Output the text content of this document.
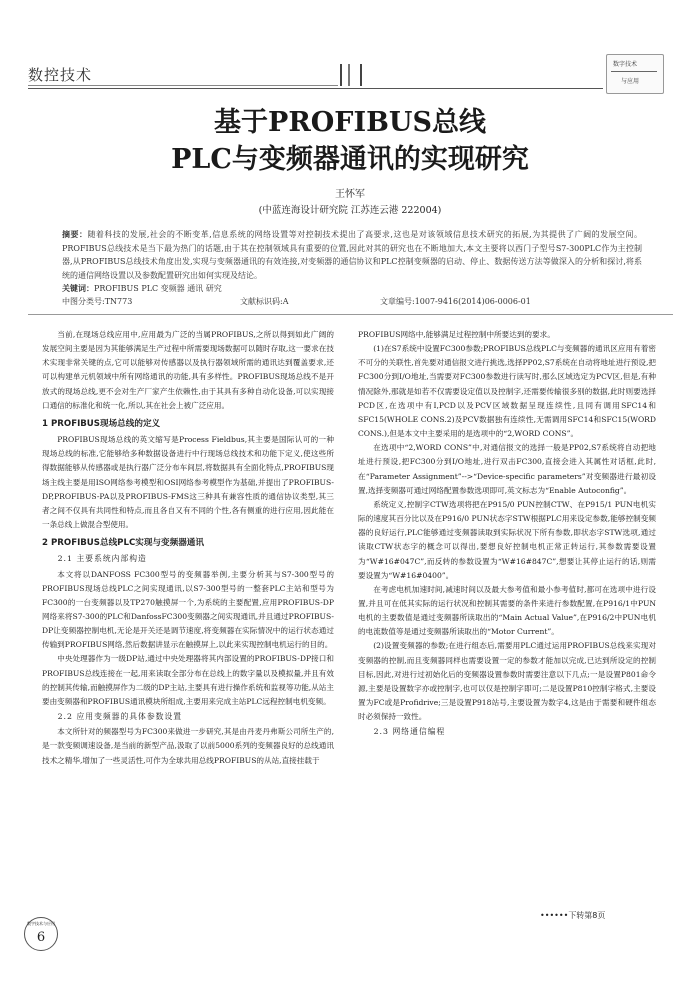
数控技术
数字技术
与应用
基于PROFIBUS总线
PLC与变频器通讯的实现研究
王怀军
(中蓝连海设计研究院 江苏连云港 222004)
摘要：随着科技的发展,社会的不断变革,信息系统的网络设置等对控制技术提出了高要求,这也是对该领域信息技术研究的拓展,为其提供了广阔的发展空间。PROFIBUS总线技术是当下最为热门的话题,由于其在控制领域具有重要的位置,因此对其的研究也在不断地加大,本文主要将以西门子型号S7-300PLC作为主控制器,从PROFIBUS总线技术角度出发,实现与变频器通讯的有效连接,对变频器的通信协议和PLC控制变频器的启动、停止、数据传送方法等做深入的分析和探讨,将系统的通信网络设置以及参数配置研究出如何实现及结论。
关键词：PROFIBUS PLC 变频器 通讯 研究
中图分类号:TN773	文献标识码:A	文章编号:1007-9416(2014)06-0006-01

当前,在现场总线应用中,应用最为广泛的当属PROFIBUS,之所以得到如此广阔的发展空间主要是因为其能够满足生产过程中所需要现场数据可以随时存取,这一要求在技术实现非常关键的点,它可以能够对传感器以及执行器领域所需的通讯达到覆盖要求,还可以构建单元机领域中所有网络通讯的功能,具有多样性。PROFIBUS现场总线不是开放式的现场总线,更不会对生产厂家产生依赖性,由于其具有多种自动化设备,可以实现接口通信的标准化和统一化,所以,其在社会上被广泛应用。

1 PROFIBUS现场总线的定义

PROFIBUS现场总线的英文缩写是Process Fieldbus,其主要是国际认可的一种现场总线的标准,它能够给多种数据设备进行中行现场总线技术和功能下定义,使这些所得数据能够从传感器或是执行器广泛分布车间层,将数据具有全面化特点,PROFIBUS现场主线主要是用ISO网络参考模型和OSI网络参考模型作为基础,并提出了PROFIBUS-DP,PROFIBUS-PA以及PROFIBUS-FMS这三种具有兼容性质的通信协议类型,其三者之间不仅具有共同性和特点,而且各自又有不同的个性,各有侧重的进行应用,因此能在一条总线上做混合型使用。

2 PROFIBUS总线PLC实现与变频器通讯
2.1 主要系统内部构造

本文将以DANFOSS FC300型号的变频器举例,主要分析其与S7-300型号的PROFIBUS现场总线PLC之间实现通讯,以S7-300型号的一整套PLC主站和型号为FC300的一台变频器以及TP270触摸屏一个,为系统的主要配置,应用PROFIBUS-DP网络来将S7-300的PLC和DanfossFC300变频器之间实现通讯,并且通过PROFIBUS-DP让变频器控制电机,无论是开关还是调节速度,将变频器在实际情况中的运行状态通过传输到PROFIBUS网络,然后数据讲显示在触摸屏上,以此来实现控制电机运行的目的。

中央处理器作为一级DP站,通过中央处理器将其内部设置的PROFIBUS-DP接口和PROFIBUS总线连接在一起,用来读取全部分布在总线上的数字量以及模拟量,并且有效的控制其传输,而触摸屏作为二级的DP主站,主要具有进行操作系统和监视等功能,从站主要由变频器和PROFIBUS通讯模块所组成,主要用来完成主站PLC远程控制电机变频。

2.2 应用变频器的具体参数设置

本文所针对的频器型号为FC300来做进一步研究,其是由丹麦丹弗斯公司所生产的,是一款变频调速设备,是当前的新型产品,汲取了以前5000系列的变频器良好的总线通讯技术之精华,增加了一些灵活性,可作为全球共用总线PROFIBUS的从站,直接挂载于

PROFIBUS网络中,能够满足过程控制中所要达到的要求。

(1)在S7系统中设置FC300参数;PROFIBUS总线PLC与变频器的通讯区应用有着密不可分的关联性,首先要对通信报文进行挑选,选择PP02,S7系统在自动将地址进行预设,把FC300分到I/O地址,当需要对FC300参数进行读写时,那么区域选定为PCV区,但是,有种情况除外,那就是如若不仅需要设定值以及控制字,还需要传输很多别的数据,此时则要选择PCD区,在选项中有I,PCD以及PCV区域数据呈现连续性,且同有调用SFC14和SFC15(WHOLE CONS.2)及PCV数据独有连续性,无需调用SFC14和SFC15(WORD CONS.),但是本文中主要采用的是选项中的“2,WORD CONS”。

在选项中“2,WORD CONS”中,对通信报文的选择一般是PP02,S7系统将自动把地址进行预设,把FC300分到I/O地址,进行双击FC300,直接会进入其属性对话框,此时,在“Parameter Assignment”-->“Device-specific parameters”对变频器进行最初设置,选择变频器可通过网络配置参数选项即可,英文标志为“Enable Autoconfig”。

系统定义,控制字CTW选项将把在P915/0 PUN控制CTW、在P915/1 PUN电机实际的速度其百分比以及在P916/0 PUN状态字STW根据PLC用来设定参数,能够控制变频器的良好运行,PLC能够通过变频器读取到实际状况下所有参数,即状态字STW选项,通过读取CTW状态字的概念可以得出,要想良好控制电机正常正转运行,其参数需要设置为“W#16#047C”,而反转的参数设置为“W#16#847C”,想要让其停止运行的话,则需要设置为“W#16#0400”。

在考虑电机加速时间,减速时间以及最大参考值和最小参考值时,都可在选项中进行设置,并且可在低其实际的运行状况和控制其需要的条件来进行参数配置,在P916/1中PUN电机的主要数值是通过变频器所读取出的“Main Actual Value”,在P916/2中PUN电机的电流数值等是通过变频器所读取出的“Motor Current”。

(2)设置变频器的参数;在进行组态后,需要用PLC通过运用PROFIBUS总线来实现对变频器的控制,而且变频器同样也需要设置一定的参数才能加以完成,已达到所设定的控制目标,因此,对进行过初始化后的变频器设置参数时需要注意以下几点;一是设置P801命令源,主要是设置数字亦或控制字,也可以仅是控制字即可;二是设置P810控制字格式,主要设置为FC或是Profidrive;三是设置P918站号,主要设置为数字4,这是由于需要和硬件组态时必须保持一致性。

2.3 网络通信编程
••••••下转第8页
数字技术与应用
6
